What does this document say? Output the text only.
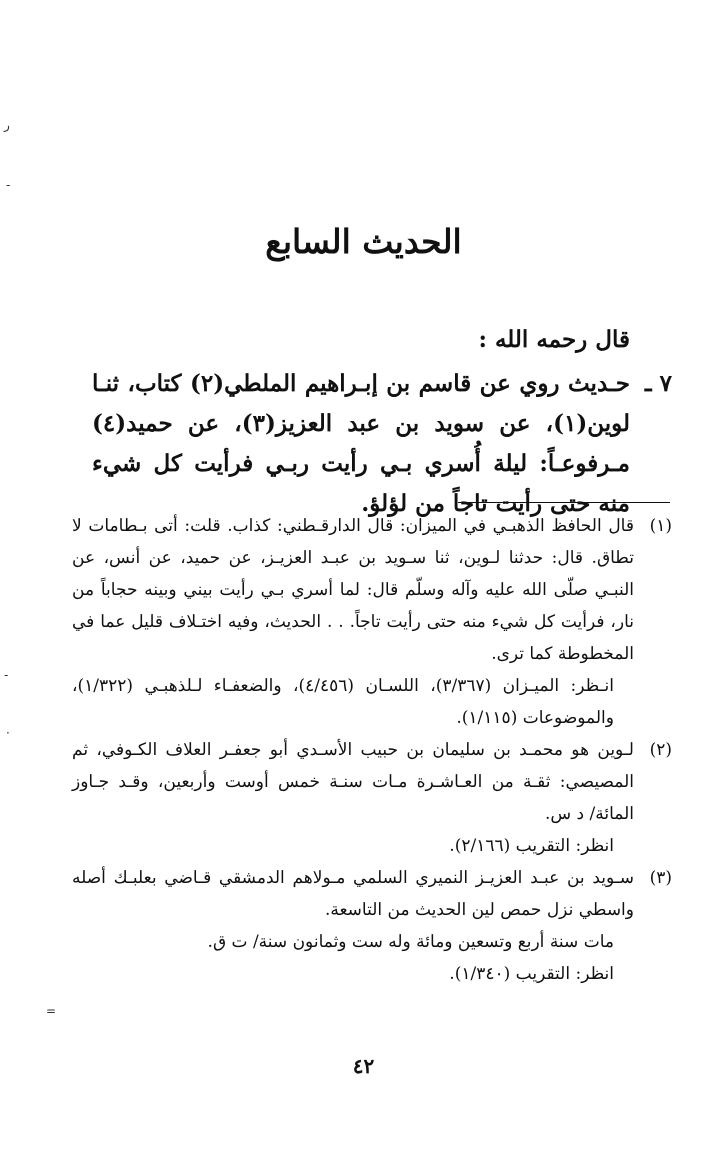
ر
-
-
·
=
الحديث السابع
قال رحمه الله :
٧ ـ
حـديث روي عن قاسم بن إبـراهيم الملطي(٢) كتاب، ثنـا لوين(١)، عن سويد بن عبد العزيز(٣)، عن حميد(٤) مـرفوعـاً: ليلة أُسري بـي رأيت ربـي فرأيت كل شيء منه حتى رأيت تاجاً من لؤلؤ.
(١)

قال الحافظ الذهبـي في الميزان: قال الدارقـطني: كذاب. قلت: أتى بـطامات لا تطاق. قال: حدثنا لـوين، ثنا سـويد بن عبـد العزيـز، عن حميد، عن أنس، عن النبـي صلّى الله عليه وآله وسلّم قال: لما أسري بـي رأيت بيني وبينه حجاباً من نار، فرأيت كل شيء منه حتى رأيت تاجاً. . . الحديث، وفيه اختـلاف قليل عما في المخطوطة كما ترى.

انـظر: الميـزان (٣/٣٦٧)، اللسـان (٤/٤٥٦)، والضعفـاء لـلذهبـي (١/٣٢٢)، والموضوعات (١/١١٥).

(٢)

لـوين هو محمـد بن سليمان بن حبيب الأسـدي أبو جعفـر العلاف الكـوفي، ثم المصيصي: ثقـة من العـاشـرة مـات سنـة خمس أوست وأربعين، وقـد جـاوز المائة/ د س.

انظر: التقريب (٢/١٦٦).

(٣)

سـويد بن عبـد العزيـز النميري السلمي مـولاهم الدمشقي قـاضي بعلبـك أصله واسطي نزل حمص لين الحديث من التاسعة.

مات سنة أربع وتسعين ومائة وله ست وثمانون سنة/ ت ق.

انظر: التقريب (١/٣٤٠).

٤٢
